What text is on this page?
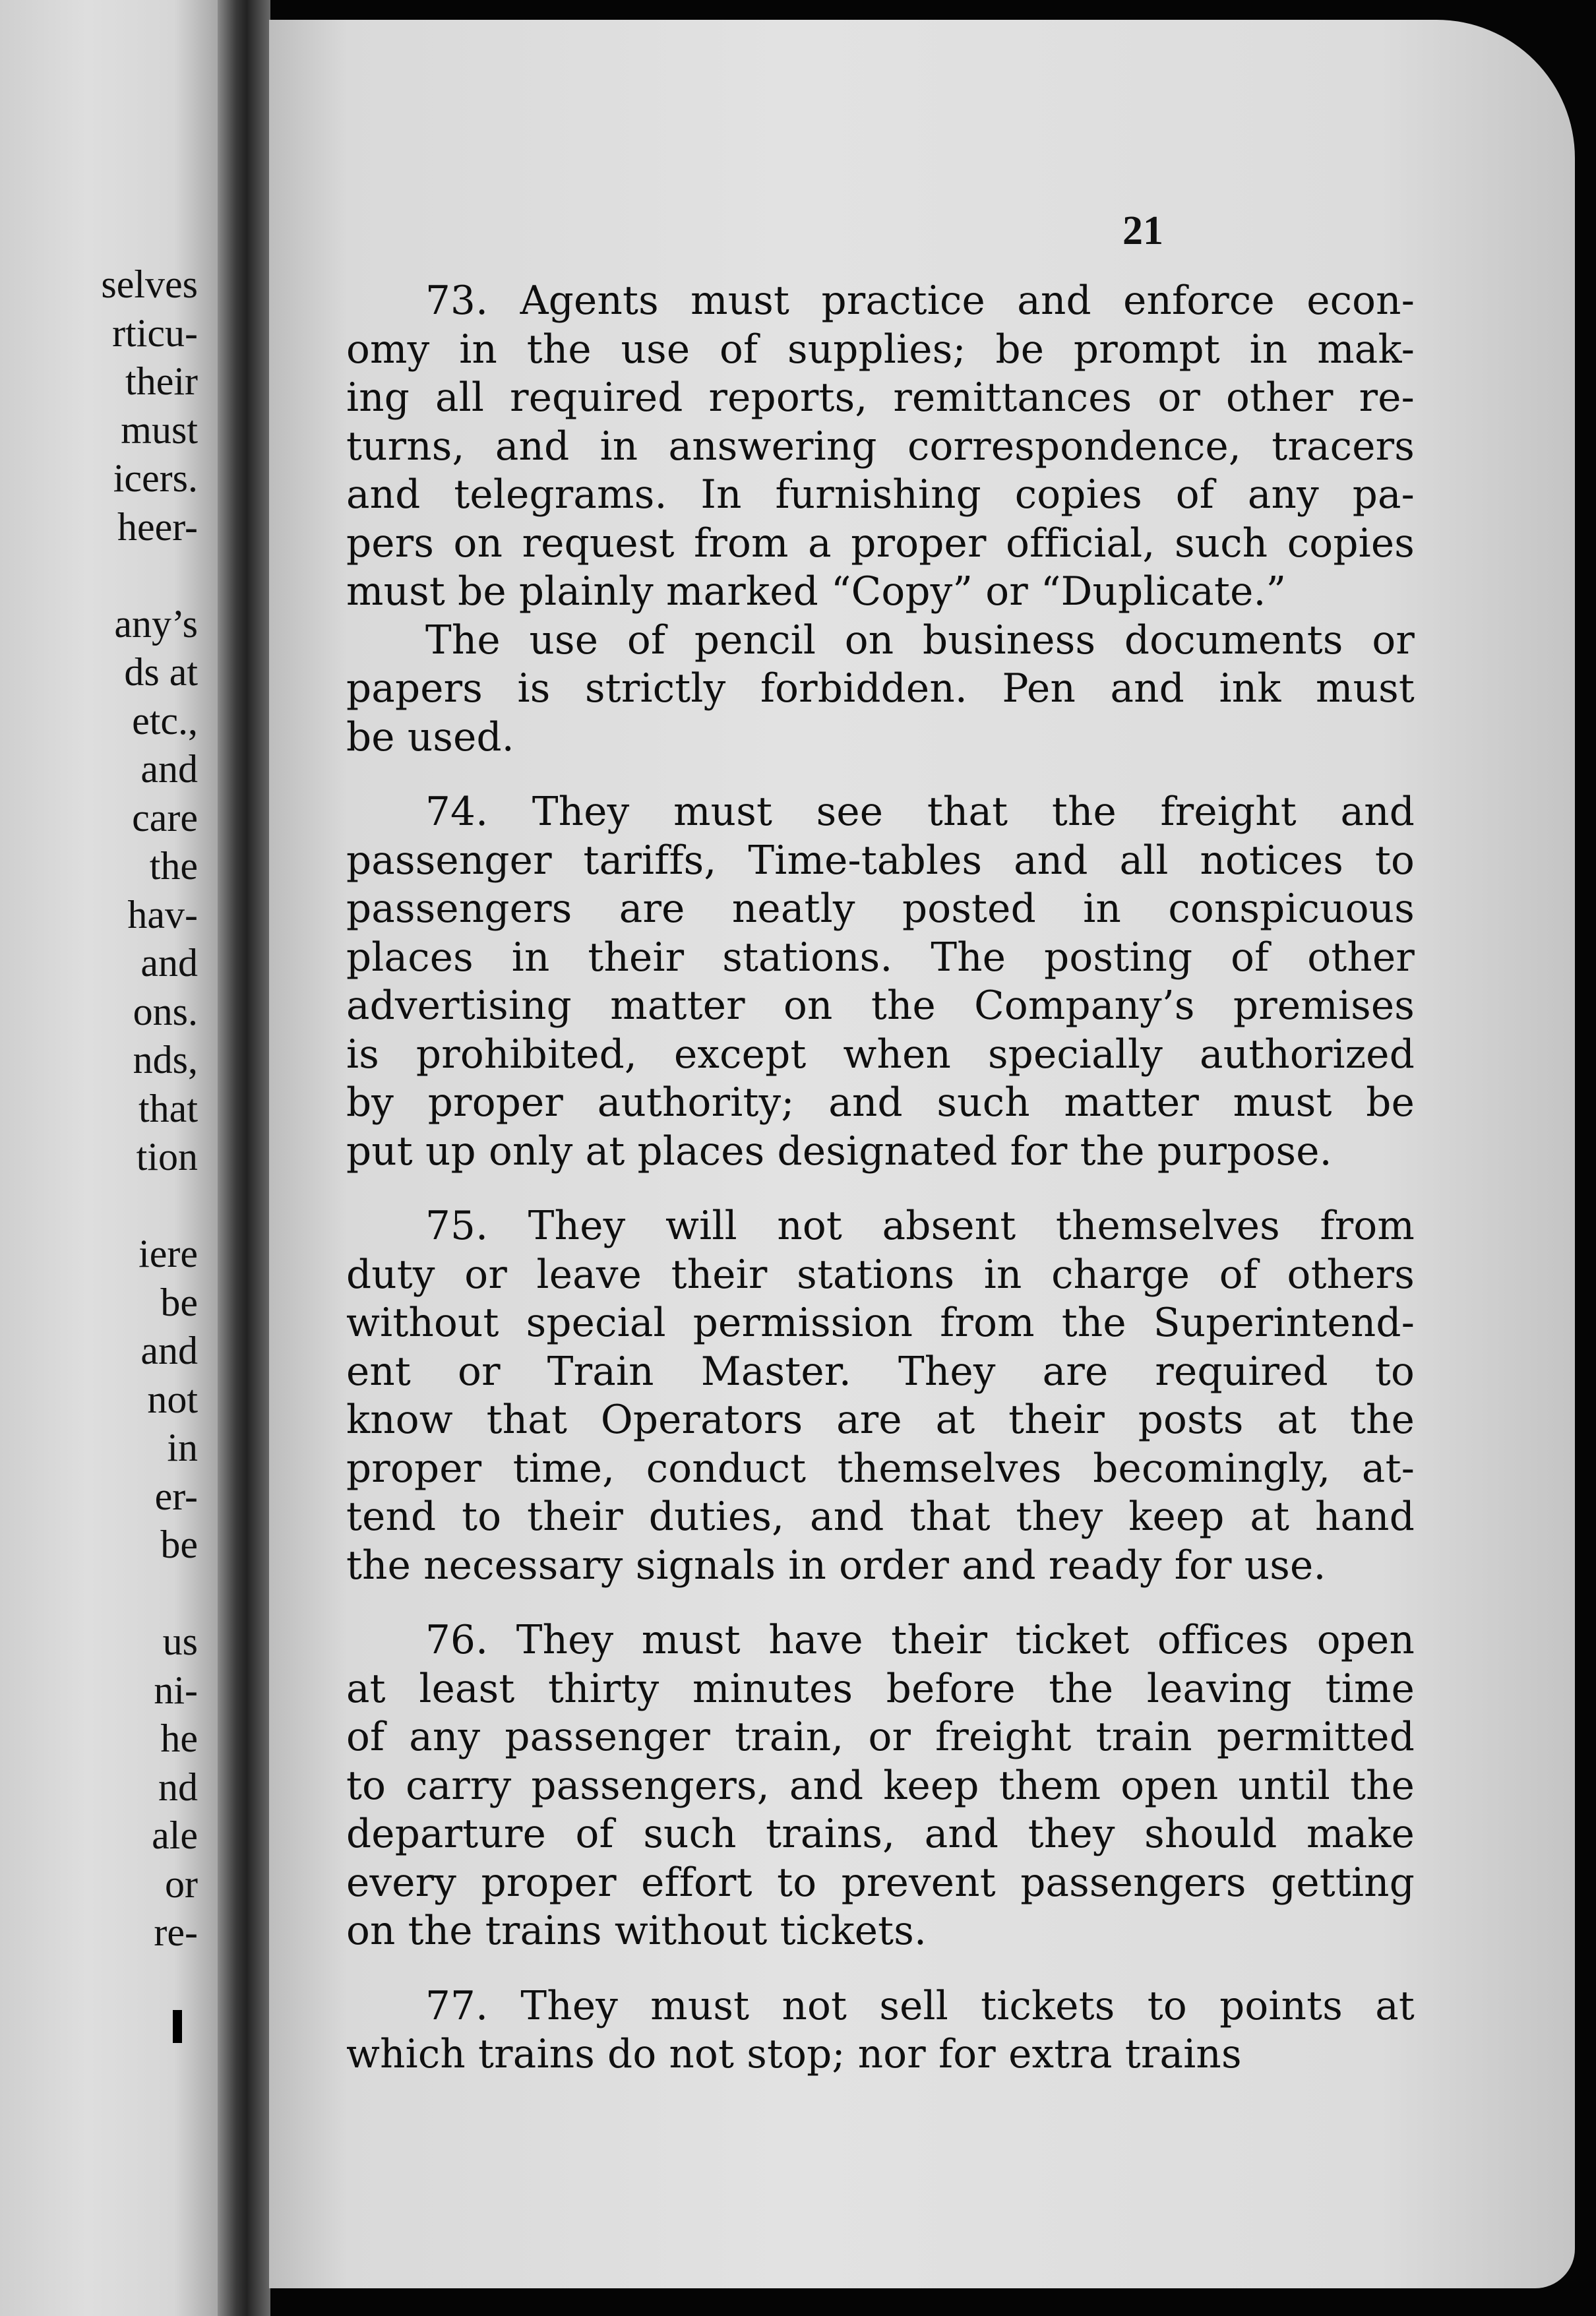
selves
rticu-
their
must
icers.
heer-
any’s
ds at
etc.,
and
care
the
hav-
and
ons.
nds,
that
tion
iere
be
and
not
in
er-
be
us
ni-
he
nd
ale
or
re-
21
73. Agents must practice and enforce econ-
omy in the use of supplies; be prompt in mak-
ing all required reports, remittances or other re-
turns, and in answering correspondence, tracers
and telegrams. In furnishing copies of any pa-
pers on request from a proper official, such copies
must be plainly marked “Copy” or “Duplicate.”
The use of pencil on business documents or
papers is strictly forbidden. Pen and ink must
be used.
74. They must see that the freight and
passenger tariffs, Time-tables and all notices to
passengers are neatly posted in conspicuous
places in their stations. The posting of other
advertising matter on the Company’s premises
is prohibited, except when specially authorized
by proper authority; and such matter must be
put up only at places designated for the purpose.
75. They will not absent themselves from
duty or leave their stations in charge of others
without special permission from the Superintend-
ent or Train Master. They are required to
know that Operators are at their posts at the
proper time, conduct themselves becomingly, at-
tend to their duties, and that they keep at hand
the necessary signals in order and ready for use.
76. They must have their ticket offices open
at least thirty minutes before the leaving time
of any passenger train, or freight train permitted
to carry passengers, and keep them open until the
departure of such trains, and they should make
every proper effort to prevent passengers getting
on the trains without tickets.
77. They must not sell tickets to points at
which trains do not stop; nor for extra trains
